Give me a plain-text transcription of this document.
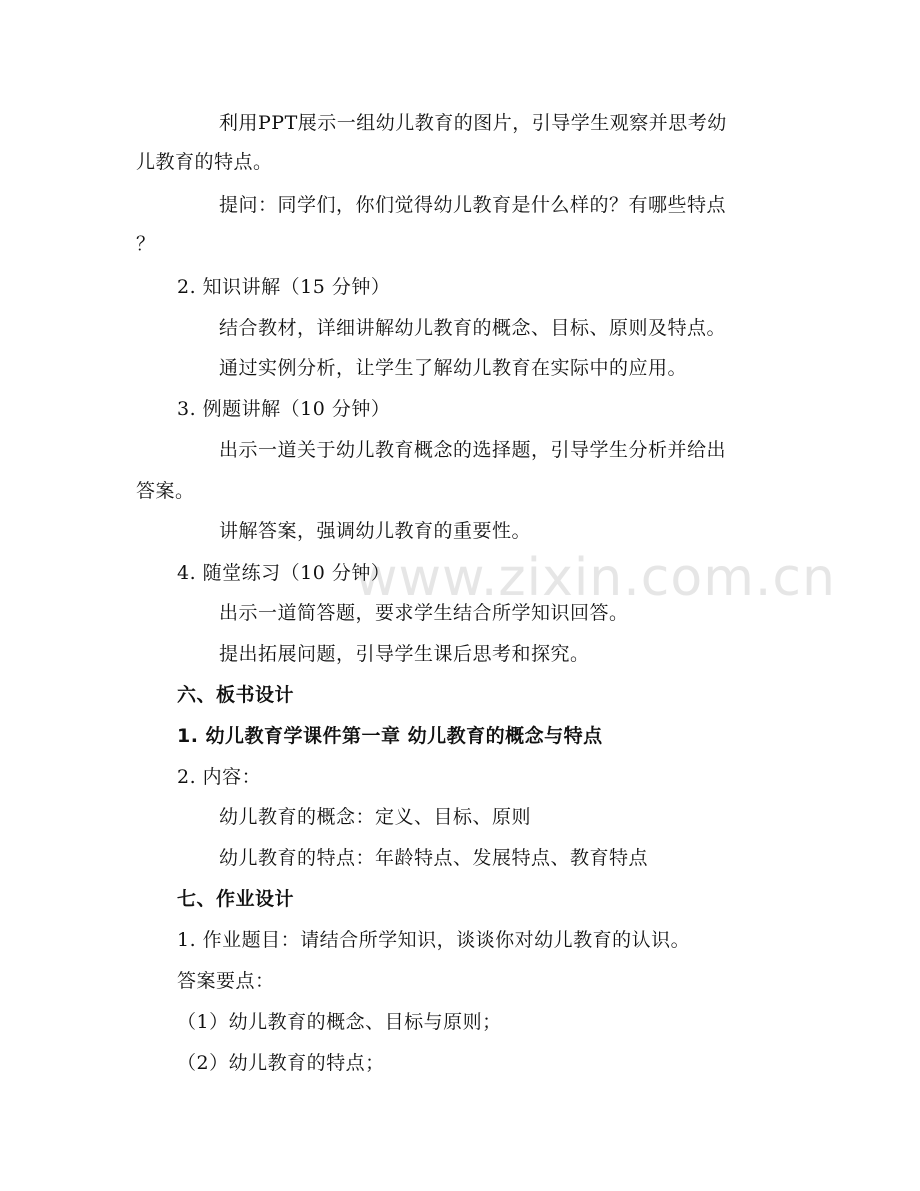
www.zixin.com.cn
利用PPT展示一组幼儿教育的图片，引导学生观察并思考幼
儿教育的特点。
提问：同学们，你们觉得幼儿教育是什么样的？有哪些特点
？
2. 知识讲解（15 分钟）
结合教材，详细讲解幼儿教育的概念、目标、原则及特点。
通过实例分析，让学生了解幼儿教育在实际中的应用。
3. 例题讲解（10 分钟）
出示一道关于幼儿教育概念的选择题，引导学生分析并给出
答案。
讲解答案，强调幼儿教育的重要性。
4. 随堂练习（10 分钟）
出示一道简答题，要求学生结合所学知识回答。
提出拓展问题，引导学生课后思考和探究。
六、板书设计
1. 幼儿教育学课件第一章 幼儿教育的概念与特点
2. 内容：
幼儿教育的概念：定义、目标、原则
幼儿教育的特点：年龄特点、发展特点、教育特点
七、作业设计
1. 作业题目：请结合所学知识，谈谈你对幼儿教育的认识。
答案要点：
（1）幼儿教育的概念、目标与原则；
（2）幼儿教育的特点；
